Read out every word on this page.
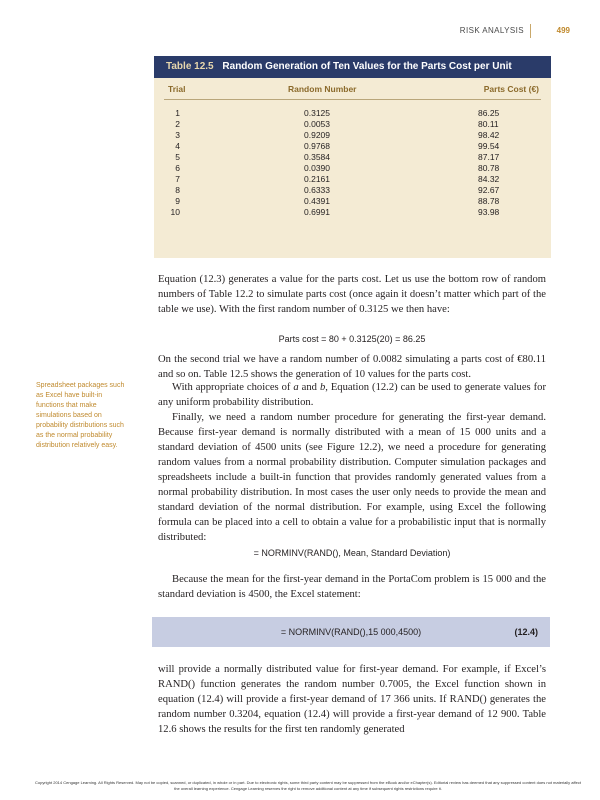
RISK ANALYSIS	499
Table 12.5 Random Generation of Ten Values for the Parts Cost per Unit
Trial	Random Number	Parts Cost (€)
1	0.3125	86.25
2	0.0053	80.11
3	0.9209	98.42
4	0.9768	99.54
5	0.3584	87.17
6	0.0390	80.78
7	0.2161	84.32
8	0.6333	92.67
9	0.4391	88.78
10	0.6991	93.98

Equation (12.3) generates a value for the parts cost. Let us use the bottom row of random numbers of Table 12.2 to simulate parts cost (once again it doesn’t matter which part of the table we use). With the first random number of 0.3125 we then have:

Parts cost = 80 + 0.3125(20) = 86.25

On the second trial we have a random number of 0.0082 simulating a parts cost of €80.11 and so on. Table 12.5 shows the generation of 10 values for the parts cost.

With appropriate choices of a and b, Equation (12.2) can be used to generate values for any uniform probability distribution.

Finally, we need a random number procedure for generating the first-year demand. Because first-year demand is normally distributed with a mean of 15 000 units and a standard deviation of 4500 units (see Figure 12.2), we need a procedure for generating random values from a normal probability distribution. Computer simulation packages and spreadsheets include a built-in function that provides randomly generated values from a normal probability distribution. In most cases the user only needs to provide the mean and standard deviation of the normal distribution. For example, using Excel the following formula can be placed into a cell to obtain a value for a probabilistic input that is normally distributed:

= NORMINV(RAND(), Mean, Standard Deviation)

Because the mean for the first-year demand in the PortaCom problem is 15 000 and the standard deviation is 4500, the Excel statement:

Spreadsheet packages such as Excel have built-in functions that make simulations based on probability distributions such as the normal probability distribution relatively easy.
= NORMINV(RAND(),15 000,4500)	(12.4)

will provide a normally distributed value for first-year demand. For example, if Excel’s RAND() function generates the random number 0.7005, the Excel function shown in equation (12.4) will provide a first-year demand of 17 366 units. If RAND() generates the random number 0.3204, equation (12.4) will provide a first-year demand of 12 900. Table 12.6 shows the results for the first ten randomly generated

Copyright 2014 Cengage Learning. All Rights Reserved. May not be copied, scanned, or duplicated, in whole or in part. Due to electronic rights, some third party content may be suppressed from the eBook and/or eChapter(s). Editorial review has deemed that any suppressed content does not materially affect the overall learning experience. Cengage Learning reserves the right to remove additional content at any time if subsequent rights restrictions require it.
